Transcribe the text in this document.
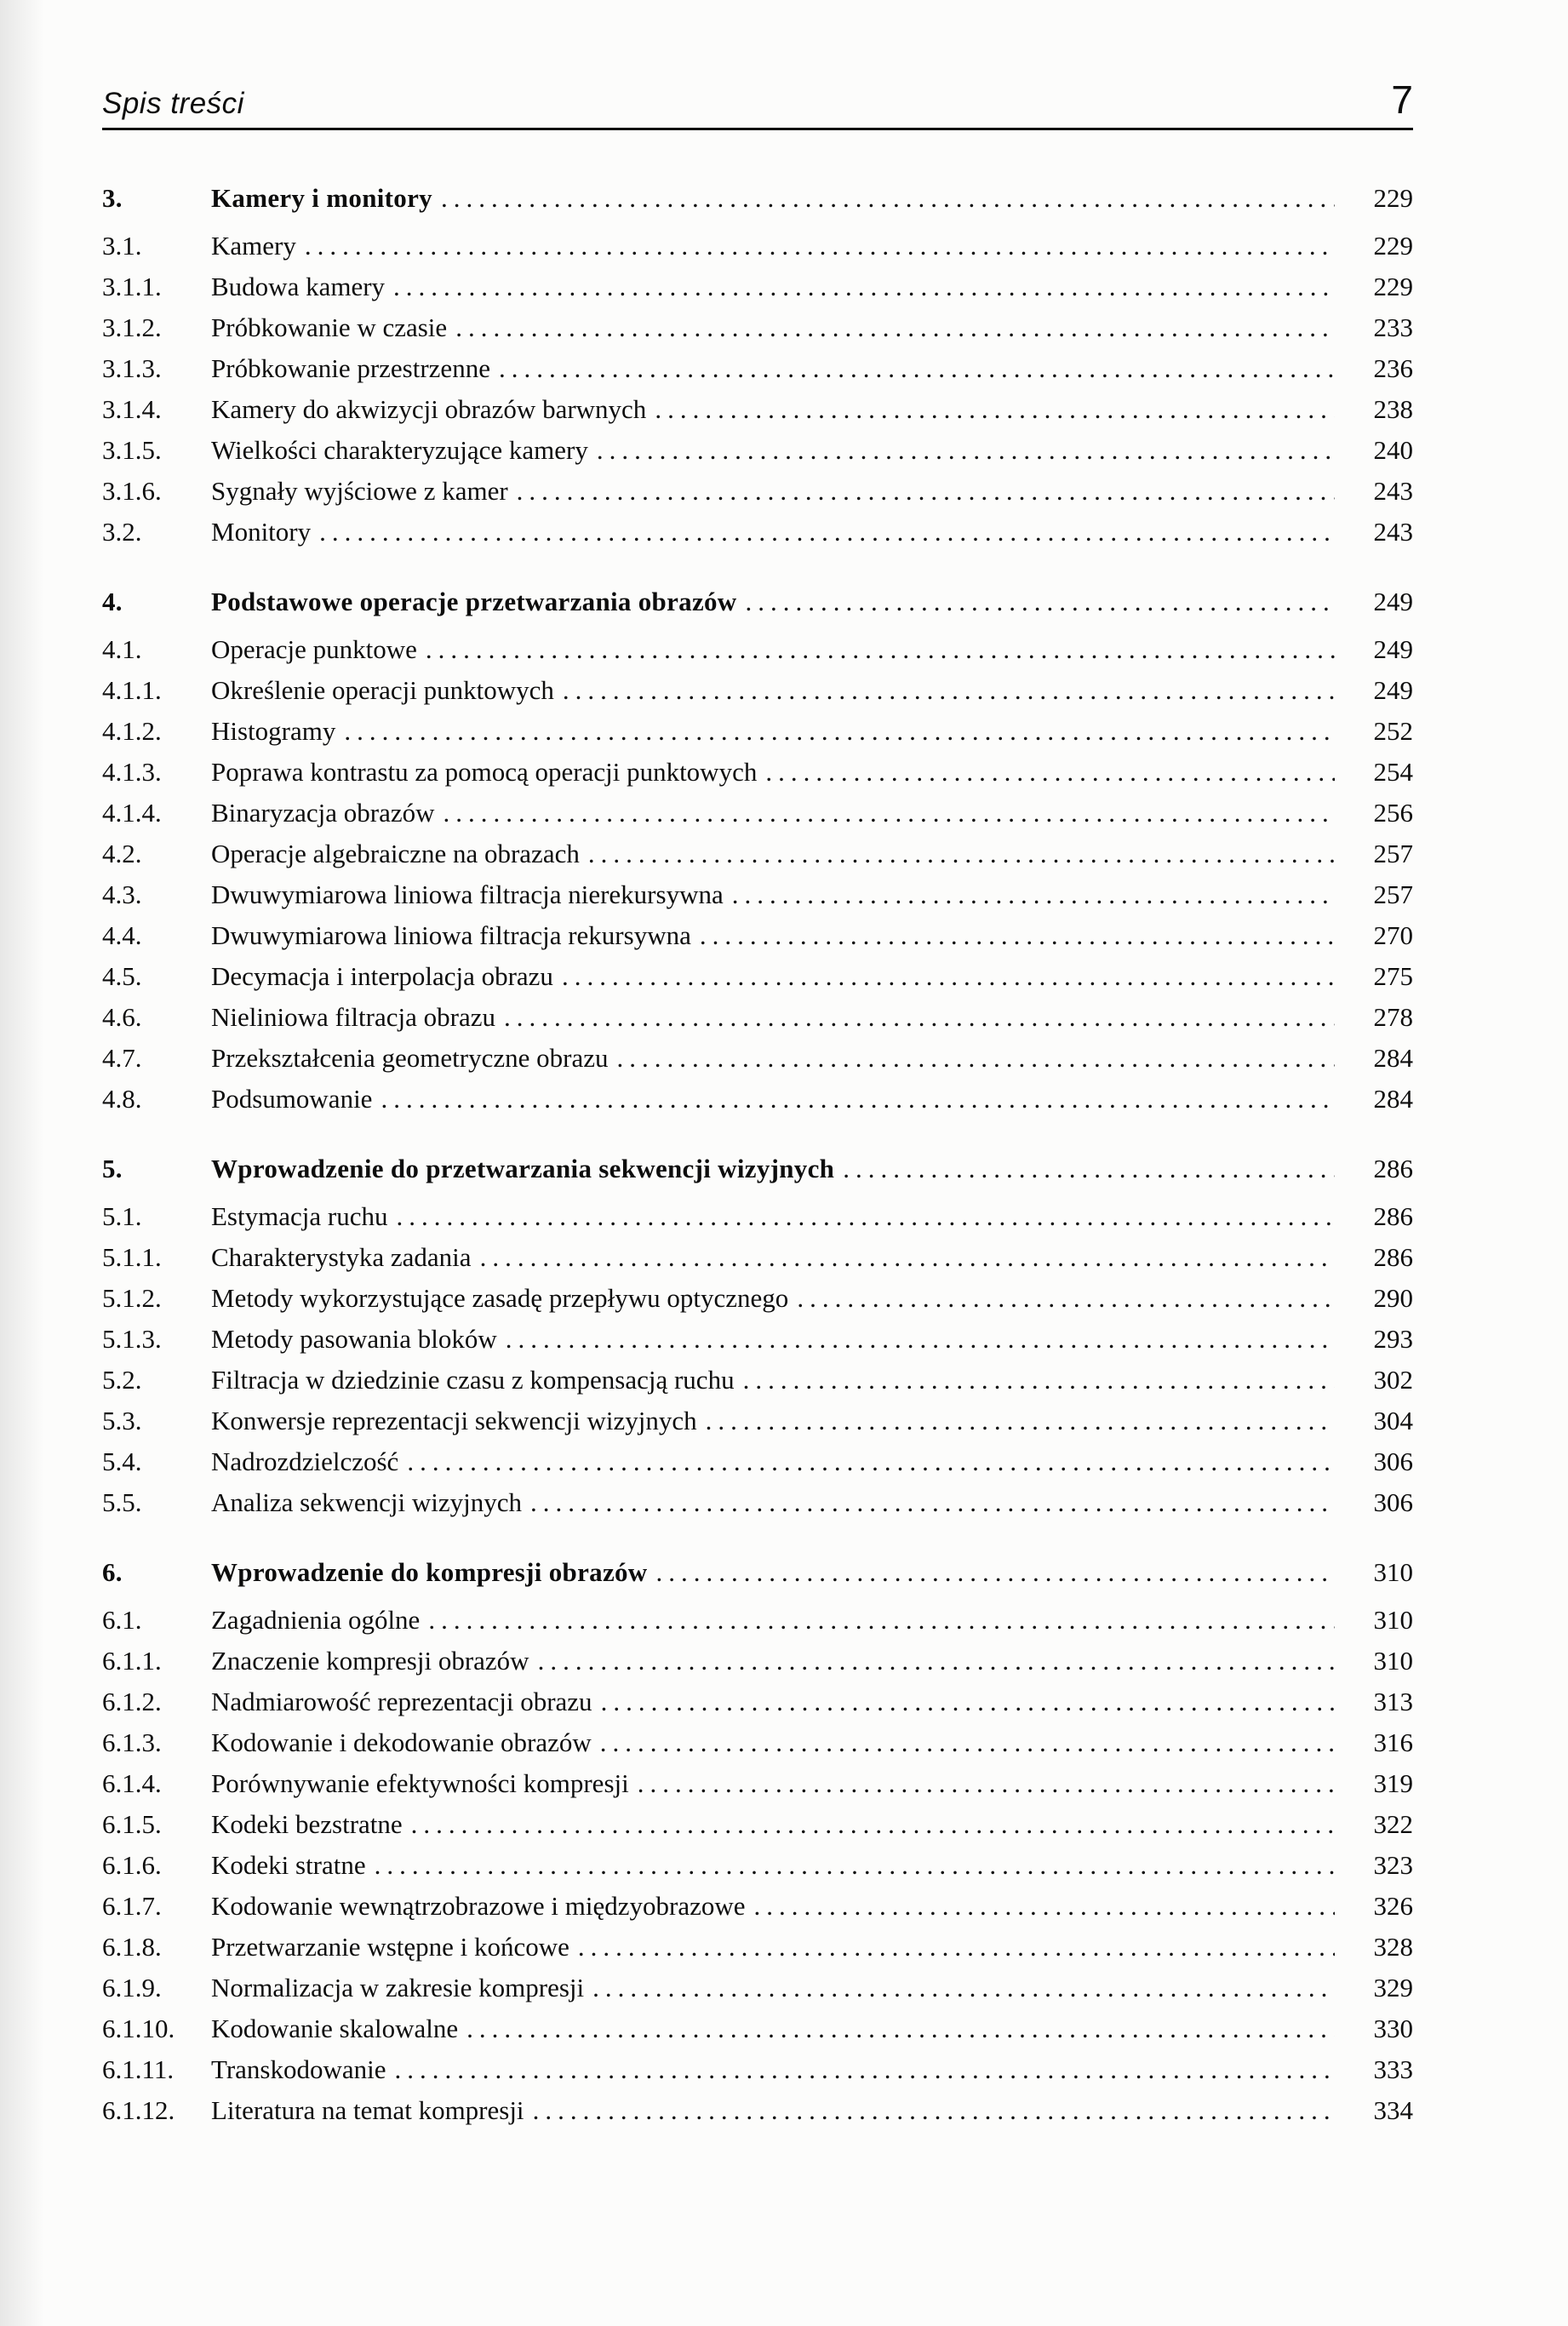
Spis treści	7
3.	Kamery i monitory .....	229
3.1.	Kamery .....	229
3.1.1.	Budowa kamery .....	229
3.1.2.	Próbkowanie w czasie .....	233
3.1.3.	Próbkowanie przestrzenne .....	236
3.1.4.	Kamery do akwizycji obrazów barwnych .....	238
3.1.5.	Wielkości charakteryzujące kamery .....	240
3.1.6.	Sygnały wyjściowe z kamer .....	243
3.2.	Monitory .....	243
4.	Podstawowe operacje przetwarzania obrazów .....	249
4.1.	Operacje punktowe .....	249
4.1.1.	Określenie operacji punktowych .....	249
4.1.2.	Histogramy .....	252
4.1.3.	Poprawa kontrastu za pomocą operacji punktowych .....	254
4.1.4.	Binaryzacja obrazów .....	256
4.2.	Operacje algebraiczne na obrazach .....	257
4.3.	Dwuwymiarowa liniowa filtracja nierekursywna .....	257
4.4.	Dwuwymiarowa liniowa filtracja rekursywna .....	270
4.5.	Decymacja i interpolacja obrazu .....	275
4.6.	Nieliniowa filtracja obrazu .....	278
4.7.	Przekształcenia geometryczne obrazu .....	284
4.8.	Podsumowanie .....	284
5.	Wprowadzenie do przetwarzania sekwencji wizyjnych .....	286
5.1.	Estymacja ruchu .....	286
5.1.1.	Charakterystyka zadania .....	286
5.1.2.	Metody wykorzystujące zasadę przepływu optycznego .....	290
5.1.3.	Metody pasowania bloków .....	293
5.2.	Filtracja w dziedzinie czasu z kompensacją ruchu .....	302
5.3.	Konwersje reprezentacji sekwencji wizyjnych .....	304
5.4.	Nadrozdzielczość .....	306
5.5.	Analiza sekwencji wizyjnych .....	306
6.	Wprowadzenie do kompresji obrazów .....	310
6.1.	Zagadnienia ogólne .....	310
6.1.1.	Znaczenie kompresji obrazów .....	310
6.1.2.	Nadmiarowość reprezentacji obrazu .....	313
6.1.3.	Kodowanie i dekodowanie obrazów .....	316
6.1.4.	Porównywanie efektywności kompresji .....	319
6.1.5.	Kodeki bezstratne .....	322
6.1.6.	Kodeki stratne .....	323
6.1.7.	Kodowanie wewnątrzobrazowe i międzyobrazowe .....	326
6.1.8.	Przetwarzanie wstępne i końcowe .....	328
6.1.9.	Normalizacja w zakresie kompresji .....	329
6.1.10.	Kodowanie skalowalne .....	330
6.1.11.	Transkodowanie .....	333
6.1.12.	Literatura na temat kompresji .....	334
